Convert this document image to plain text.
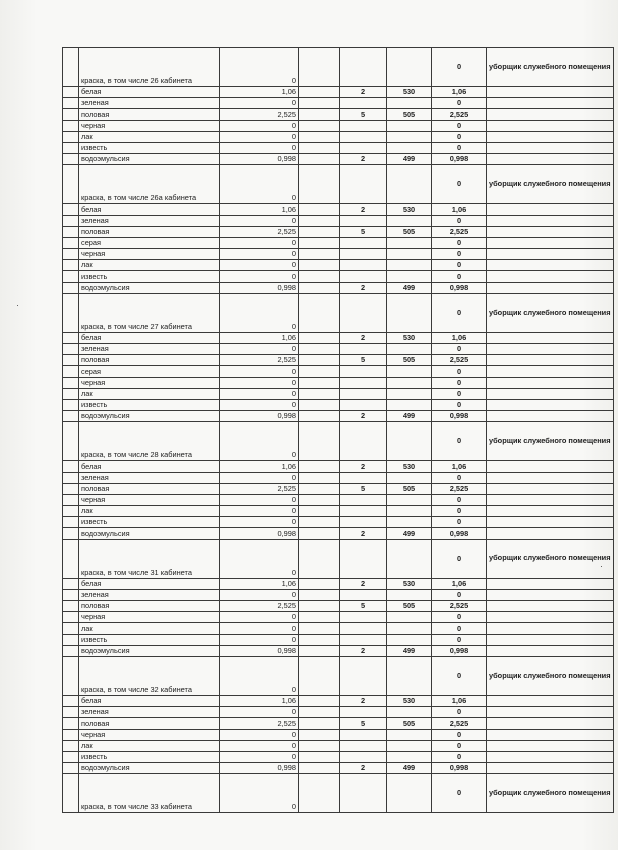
	краска, в том числе 26 кабинета	0				0	уборщик служебного помещения
	белая	1,06		2	530	1,06	
	зеленая	0				0	
	половая	2,525		5	505	2,525	
	черная	0				0	
	лак	0				0	
	известь	0				0	
	водоэмульсия	0,998		2	499	0,998	
	краска, в том числе 26а кабинета	0				0	уборщик служебного помещения
	белая	1,06		2	530	1,06	
	зеленая	0				0	
	половая	2,525		5	505	2,525	
	серая	0				0	
	черная	0				0	
	лак	0				0	
	известь	0				0	
	водоэмульсия	0,998		2	499	0,998	
	краска, в том числе 27 кабинета	0				0	уборщик служебного помещения
	белая	1,06		2	530	1,06	
	зеленая	0				0	
	половая	2,525		5	505	2,525	
	серая	0				0	
	черная	0				0	
	лак	0				0	
	известь	0				0	
	водоэмульсия	0,998		2	499	0,998	
	краска, в том числе 28 кабинета	0				0	уборщик служебного помещения
	белая	1,06		2	530	1,06	
	зеленая	0				0	
	половая	2,525		5	505	2,525	
	черная	0				0	
	лак	0				0	
	известь	0				0	
	водоэмульсия	0,998		2	499	0,998	
	краска, в том числе 31 кабинета	0				0	уборщик служебного помещения
	белая	1,06		2	530	1,06	
	зеленая	0				0	
	половая	2,525		5	505	2,525	
	черная	0				0	
	лак	0				0	
	известь	0				0	
	водоэмульсия	0,998		2	499	0,998	
	краска, в том числе 32 кабинета	0				0	уборщик служебного помещения
	белая	1,06		2	530	1,06	
	зеленая	0				0	
	половая	2,525		5	505	2,525	
	черная	0				0	
	лак	0				0	
	известь	0				0	
	водоэмульсия	0,998		2	499	0,998	
	краска, в том числе 33 кабинета	0				0	уборщик служебного помещения
